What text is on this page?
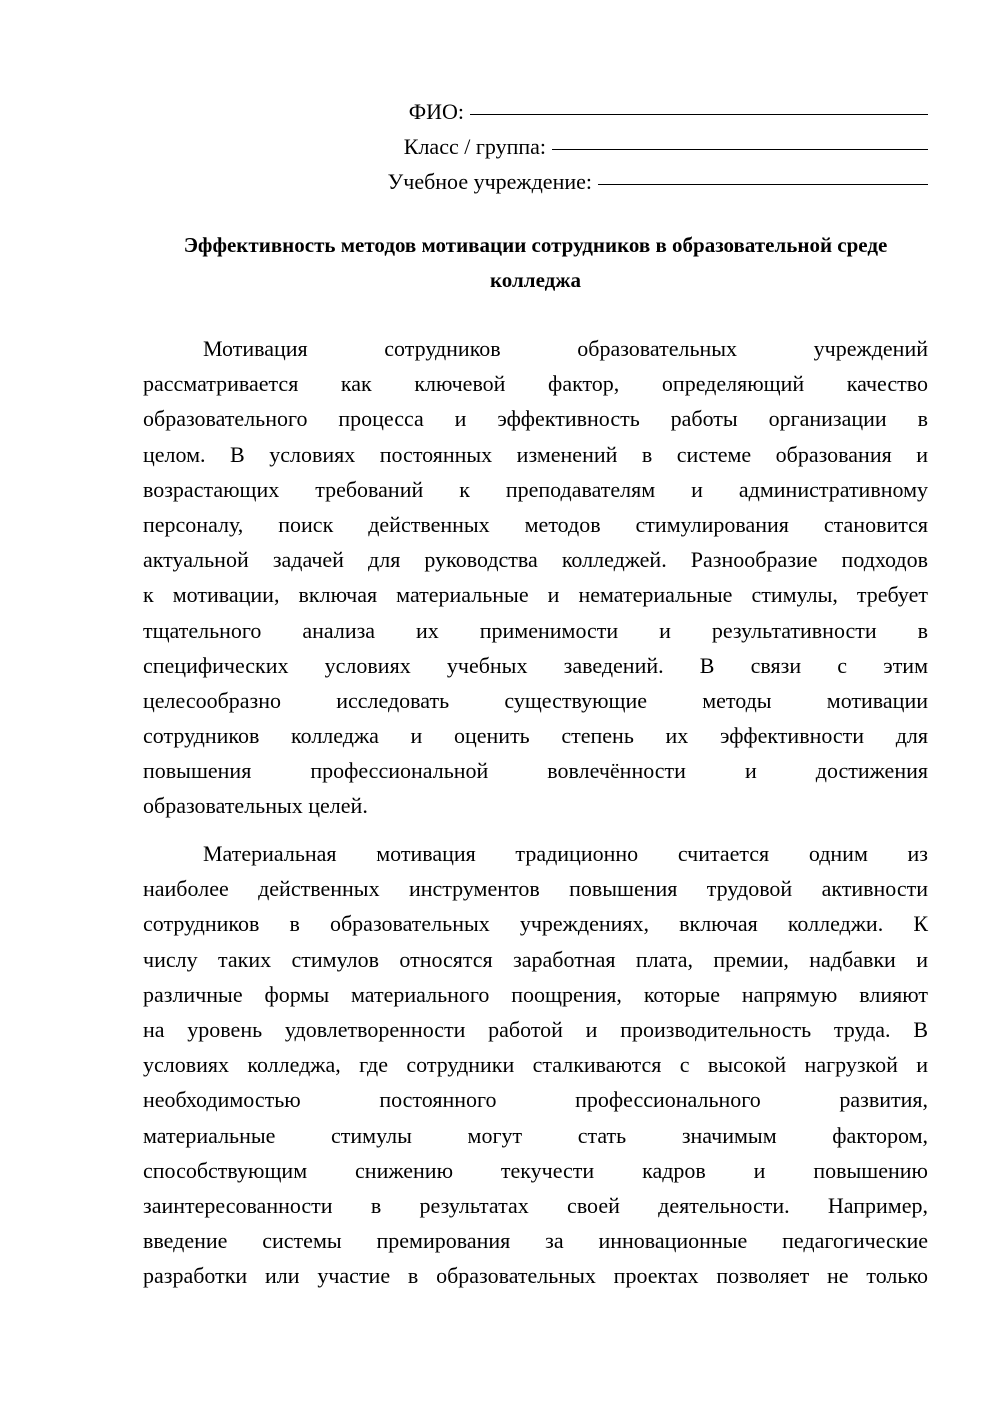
ФИО:
Класс / группа:
Учебное учреждение:
Эффективность методов мотивации сотрудников в образовательной среде
колледжа
Мотивация сотрудников образовательных учреждений
рассматривается как ключевой фактор, определяющий качество
образовательного процесса и эффективность работы организации в
целом. В условиях постоянных изменений в системе образования и
возрастающих требований к преподавателям и административному
персоналу, поиск действенных методов стимулирования становится
актуальной задачей для руководства колледжей. Разнообразие подходов
к мотивации, включая материальные и нематериальные стимулы, требует
тщательного анализа их применимости и результативности в
специфических условиях учебных заведений. В связи с этим
целесообразно исследовать существующие методы мотивации
сотрудников колледжа и оценить степень их эффективности для
повышения профессиональной вовлечённости и достижения
образовательных целей.
Материальная мотивация традиционно считается одним из
наиболее действенных инструментов повышения трудовой активности
сотрудников в образовательных учреждениях, включая колледжи. К
числу таких стимулов относятся заработная плата, премии, надбавки и
различные формы материального поощрения, которые напрямую влияют
на уровень удовлетворенности работой и производительность труда. В
условиях колледжа, где сотрудники сталкиваются с высокой нагрузкой и
необходимостью постоянного профессионального развития,
материальные стимулы могут стать значимым фактором,
способствующим снижению текучести кадров и повышению
заинтересованности в результатах своей деятельности. Например,
введение системы премирования за инновационные педагогические
разработки или участие в образовательных проектах позволяет не только
